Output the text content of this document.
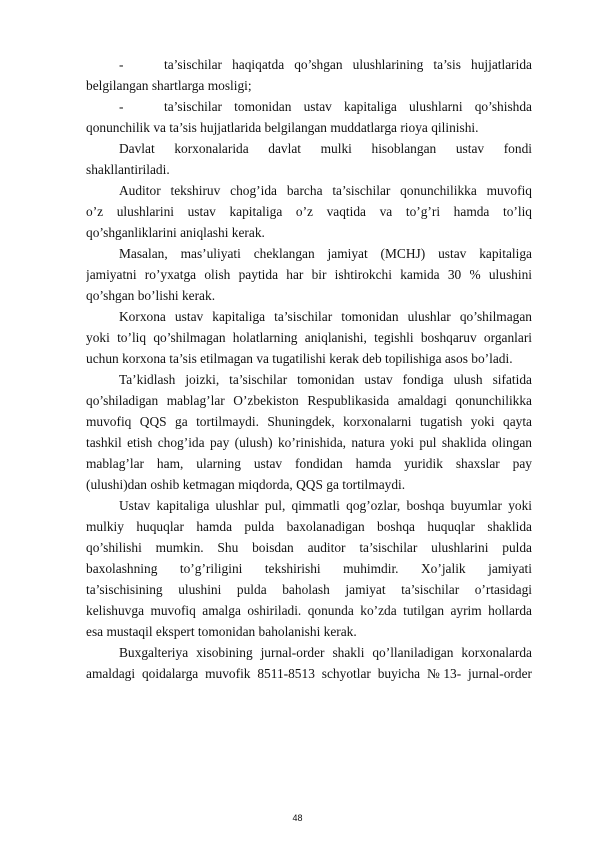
-	ta’sischilar haqiqatda qo’shgan ulushlarining ta’sis hujjatlarida
belgilangan shartlarga mosligi;
-	ta’sischilar tomonidan ustav kapitaliga ulushlarni qo’shishda
qonunchilik va ta’sis hujjatlarida belgilangan muddatlarga rioya qilinishi.
Davlat korxonalarida davlat mulki hisoblangan ustav fondi
shakllantiriladi.
Auditor tekshiruv chog’ida barcha ta’sischilar qonunchilikka muvofiq
o’z ulushlarini ustav kapitaliga o’z vaqtida va to’g’ri hamda to’liq
qo’shganliklarini aniqlashi kerak.
Masalan, mas’uliyati cheklangan jamiyat (MCHJ) ustav kapitaliga
jamiyatni ro’yxatga olish paytida har bir ishtirokchi kamida 30 % ulushini
qo’shgan bo’lishi kerak.
Korxona ustav kapitaliga ta’sischilar tomonidan ulushlar qo’shilmagan
yoki to’liq qo’shilmagan holatlarning aniqlanishi, tegishli boshqaruv organlari
uchun korxona ta’sis etilmagan va tugatilishi kerak deb topilishiga asos bo’ladi.
Ta’kidlash joizki, ta’sischilar tomonidan ustav fondiga ulush sifatida
qo’shiladigan mablag’lar O’zbekiston Respublikasida amaldagi qonunchilikka
muvofiq QQS ga tortilmaydi. Shuningdek, korxonalarni tugatish yoki qayta
tashkil etish chog’ida pay (ulush) ko’rinishida, natura yoki pul shaklida olingan
mablag’lar ham, ularning ustav fondidan hamda yuridik shaxslar pay
(ulushi)dan oshib ketmagan miqdorda, QQS ga tortilmaydi.
Ustav kapitaliga ulushlar pul, qimmatli qog’ozlar, boshqa buyumlar yoki
mulkiy huquqlar hamda pulda baxolanadigan boshqa huquqlar shaklida
qo’shilishi mumkin. Shu boisdan auditor ta’sischilar ulushlarini pulda
baxolashning to’g’riligini tekshirishi muhimdir. Xo’jalik jamiyati
ta’sischisining ulushini pulda baholash jamiyat ta’sischilar o’rtasidagi
kelishuvga muvofiq amalga oshiriladi. qonunda ko’zda tutilgan ayrim hollarda
esa mustaqil ekspert tomonidan baholanishi kerak.
Buxgalteriya xisobining jurnal-order shakli qo’llaniladigan korxonalarda
amaldagi qoidalarga muvofik 8511-8513 schyotlar buyicha №13- jurnal-order
48
